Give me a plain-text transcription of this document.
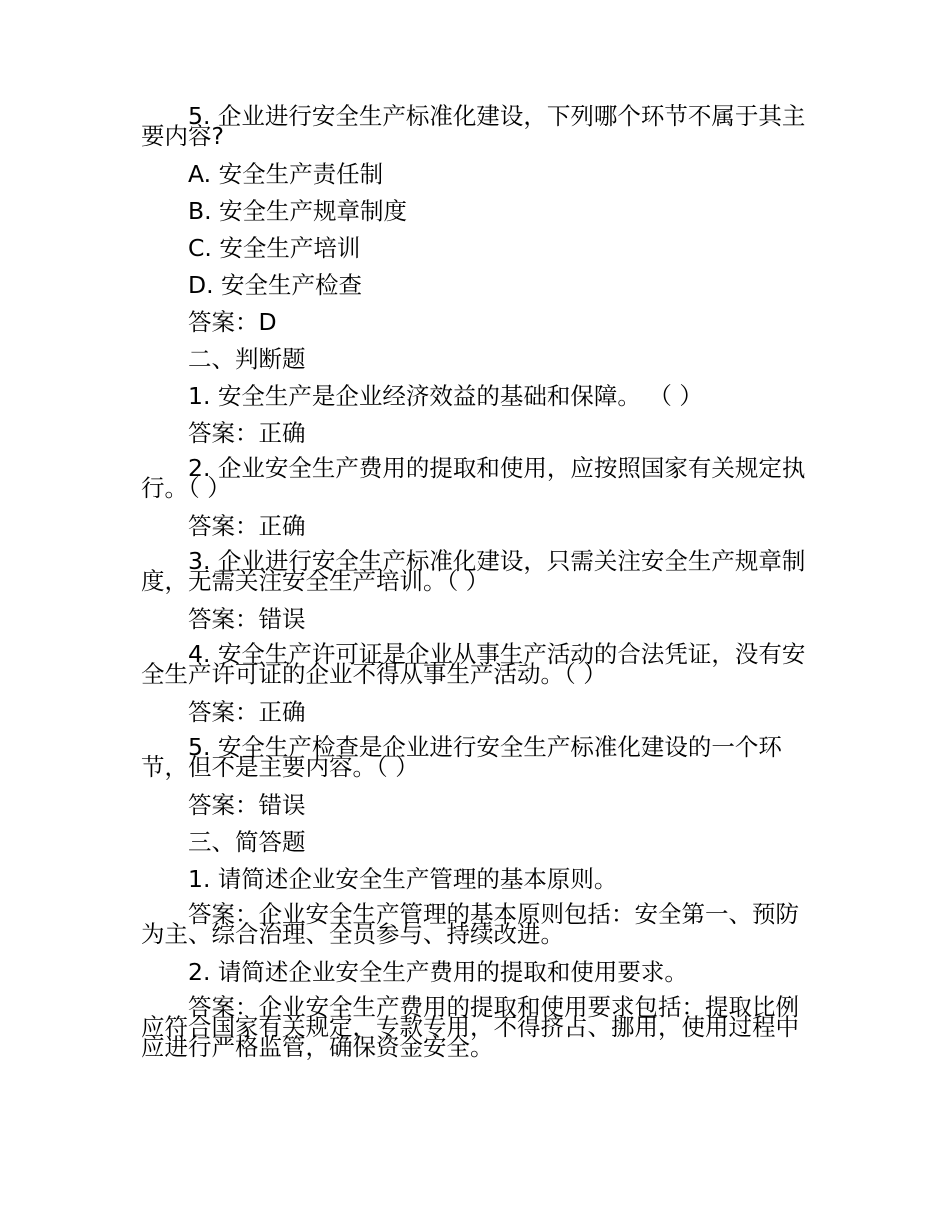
5. 企业进行安全生产标准化建设，下列哪个环节不属于其主要内容?

A. 安全生产责任制

B. 安全生产规章制度

C. 安全生产培训

D. 安全生产检查

答案：D

二、判断题

1. 安全生产是企业经济效益的基础和保障。 （ ）

答案：正确

2. 企业安全生产费用的提取和使用，应按照国家有关规定执行。（ ）

答案：正确

3. 企业进行安全生产标准化建设，只需关注安全生产规章制度，无需关注安全生产培训。（ ）

答案：错误

4. 安全生产许可证是企业从事生产活动的合法凭证，没有安全生产许可证的企业不得从事生产活动。（ ）

答案：正确

5. 安全生产检查是企业进行安全生产标准化建设的一个环节，但不是主要内容。（ ）

答案：错误

三、简答题

1. 请简述企业安全生产管理的基本原则。

答案：企业安全生产管理的基本原则包括：安全第一、预防为主、综合治理、全员参与、持续改进。

2. 请简述企业安全生产费用的提取和使用要求。

答案：企业安全生产费用的提取和使用要求包括：提取比例应符合国家有关规定，专款专用，不得挤占、挪用，使用过程中应进行严格监管，确保资金安全。
